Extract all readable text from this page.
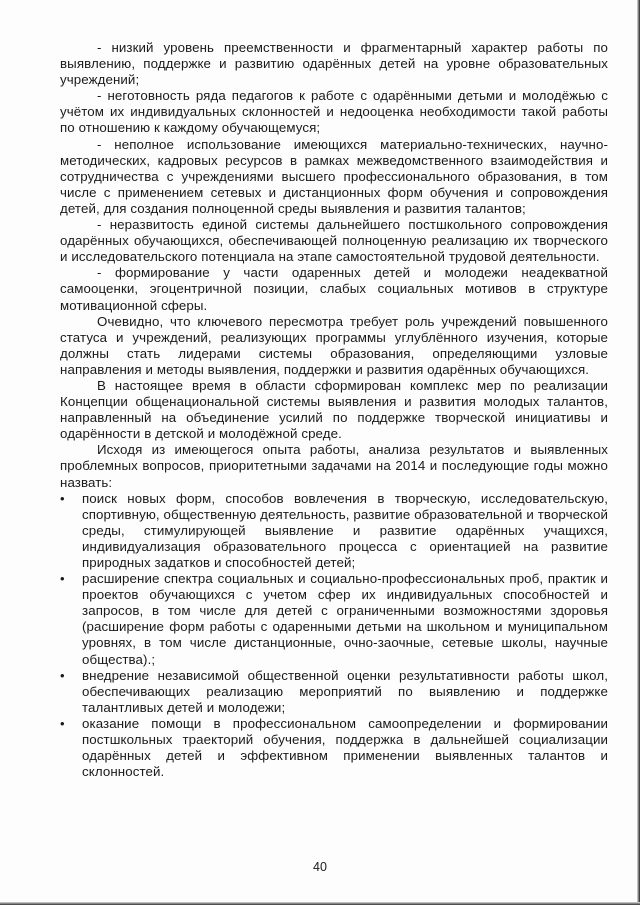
- низкий уровень преемственности и фрагментарный характер работы по выявлению, поддержке и развитию одарённых детей на уровне образовательных учреждений;

- неготовность ряда педагогов к работе с одарёнными детьми и молодёжью с учётом их индивидуальных склонностей и недооценка необходимости такой работы по отношению к каждому обучающемуся;

- неполное использование имеющихся материально-технических, научно-методических, кадровых ресурсов в рамках межведомственного взаимодействия и сотрудничества с учреждениями высшего профессионального образования, в том числе с применением сетевых и дистанционных форм обучения и сопровождения детей, для создания полноценной среды выявления и развития талантов;

- неразвитость единой системы дальнейшего постшкольного сопровождения одарённых обучающихся, обеспечивающей полноценную реализацию их творческого и исследовательского потенциала на этапе самостоятельной трудовой деятельности.

- формирование у части одаренных детей и молодежи неадекватной самооценки, эгоцентричной позиции, слабых социальных мотивов в структуре мотивационной сферы.

Очевидно, что ключевого пересмотра требует роль учреждений повышенного статуса и учреждений, реализующих программы углублённого изучения, которые должны стать лидерами системы образования, определяющими узловые направления и методы выявления, поддержки и развития одарённых обучающихся.

В настоящее время в области сформирован комплекс мер по реализации Концепции общенациональной системы выявления и развития молодых талантов, направленный на объединение усилий по поддержке творческой инициативы и одарённости в детской и молодёжной среде.

Исходя из имеющегося опыта работы, анализа результатов и выявленных проблемных вопросов, приоритетными задачами на 2014 и последующие годы можно назвать:

•	поиск новых форм, способов вовлечения в творческую, исследовательскую, спортивную, общественную деятельность, развитие образовательной и творческой среды, стимулирующей выявление и развитие одарённых учащихся, индивидуализация образовательного процесса с ориентацией на развитие природных задатков и способностей детей;
•	расширение спектра социальных и социально-профессиональных проб, практик и проектов обучающихся с учетом сфер их индивидуальных способностей и запросов, в том числе для детей с ограниченными возможностями здоровья (расширение форм работы с одаренными детьми на школьном и муниципальном уровнях, в том числе дистанционные, очно-заочные, сетевые школы, научные общества).;
•	внедрение независимой общественной оценки результативности работы школ, обеспечивающих реализацию мероприятий по выявлению и поддержке талантливых детей и молодежи;
•	оказание помощи в профессиональном самоопределении и формировании постшкольных траекторий обучения, поддержка в дальнейшей социализации одарённых детей и эффективном применении выявленных талантов и склонностей.
40
